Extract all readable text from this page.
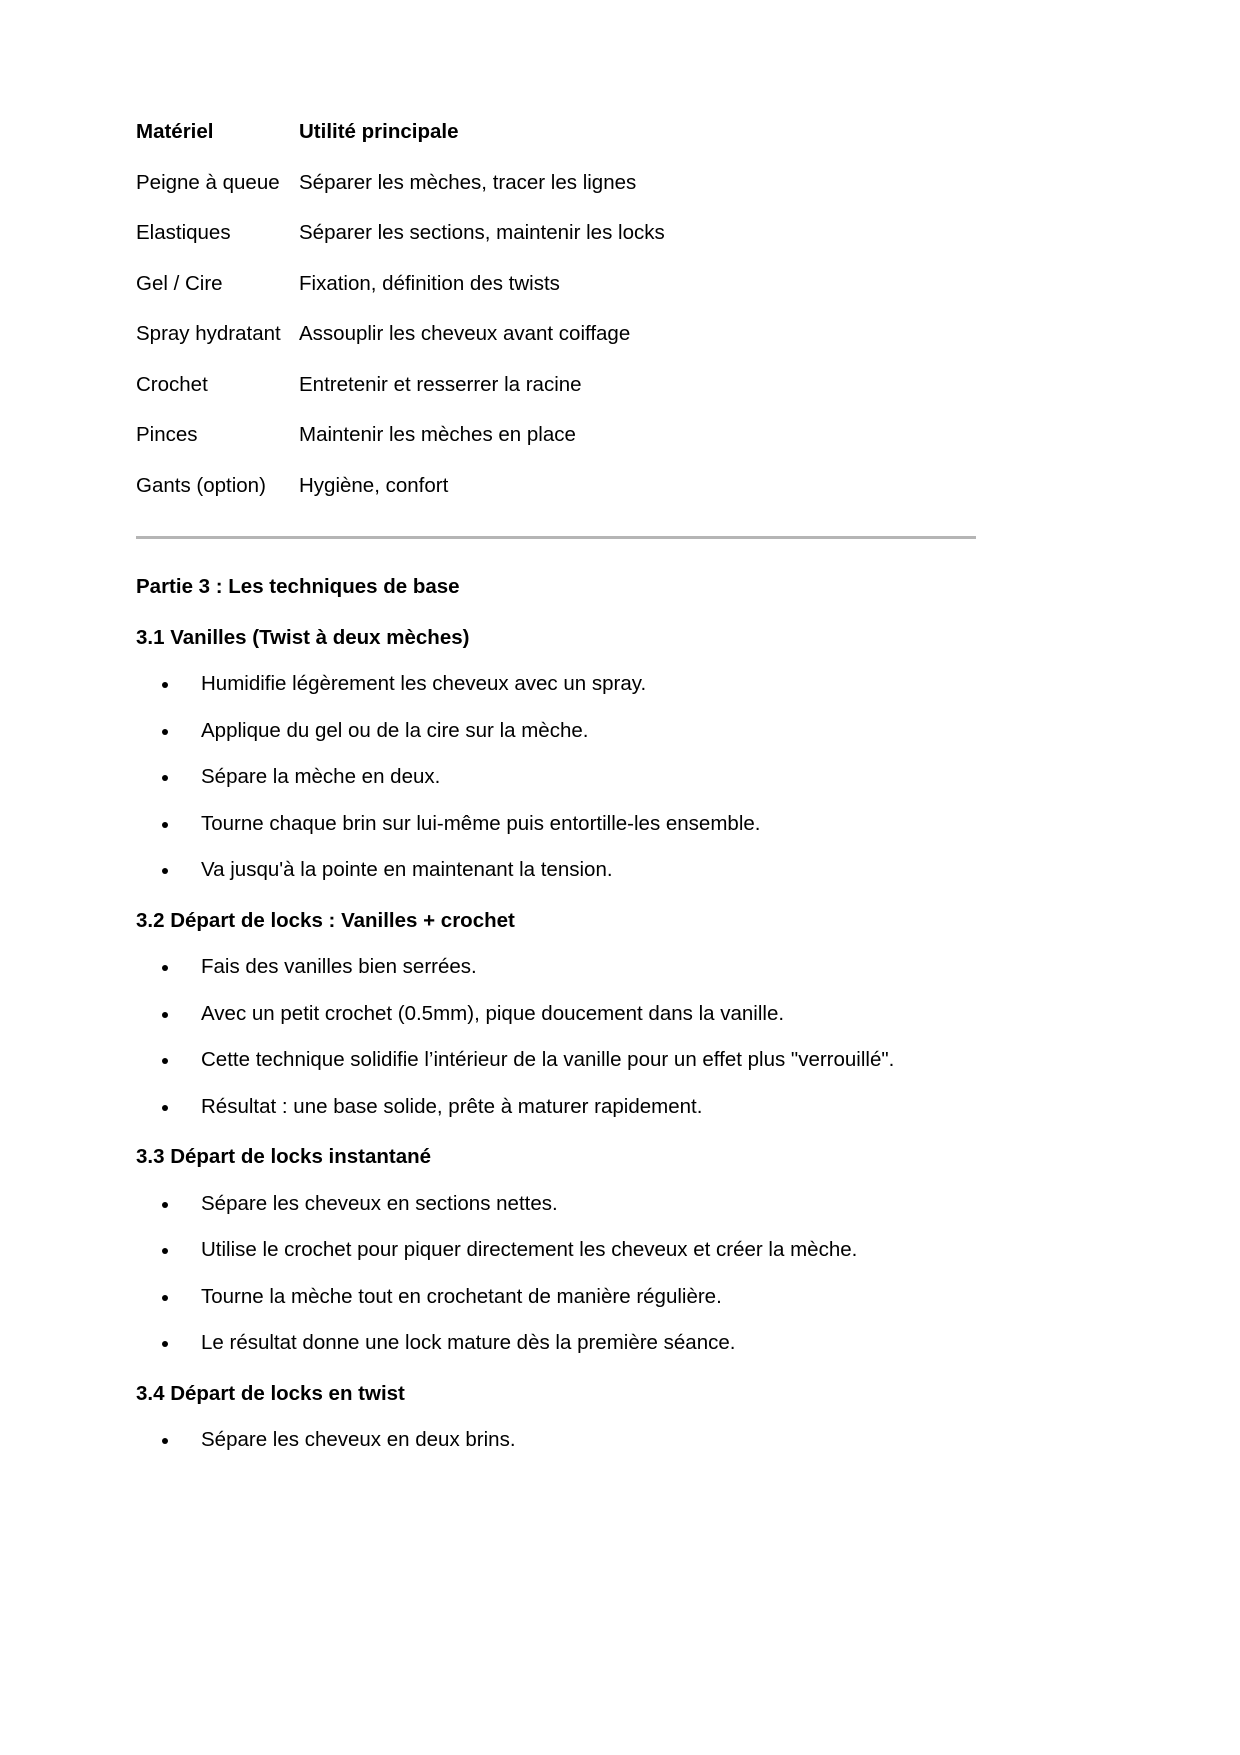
Matériel	Utilité principale
Peigne à queue	Séparer les mèches, tracer les lignes
Elastiques	Séparer les sections, maintenir les locks
Gel / Cire	Fixation, définition des twists
Spray hydratant	Assouplir les cheveux avant coiffage
Crochet	Entretenir et resserrer la racine
Pinces	Maintenir les mèches en place
Gants (option)	Hygiène, confort
Partie 3 : Les techniques de base
3.1 Vanilles (Twist à deux mèches)
Humidifie légèrement les cheveux avec un spray.
Applique du gel ou de la cire sur la mèche.
Sépare la mèche en deux.
Tourne chaque brin sur lui-même puis entortille-les ensemble.
Va jusqu'à la pointe en maintenant la tension.
3.2 Départ de locks : Vanilles + crochet
Fais des vanilles bien serrées.
Avec un petit crochet (0.5mm), pique doucement dans la vanille.
Cette technique solidifie l’intérieur de la vanille pour un effet plus "verrouillé".
Résultat : une base solide, prête à maturer rapidement.
3.3 Départ de locks instantané
Sépare les cheveux en sections nettes.
Utilise le crochet pour piquer directement les cheveux et créer la mèche.
Tourne la mèche tout en crochetant de manière régulière.
Le résultat donne une lock mature dès la première séance.
3.4 Départ de locks en twist
Sépare les cheveux en deux brins.
